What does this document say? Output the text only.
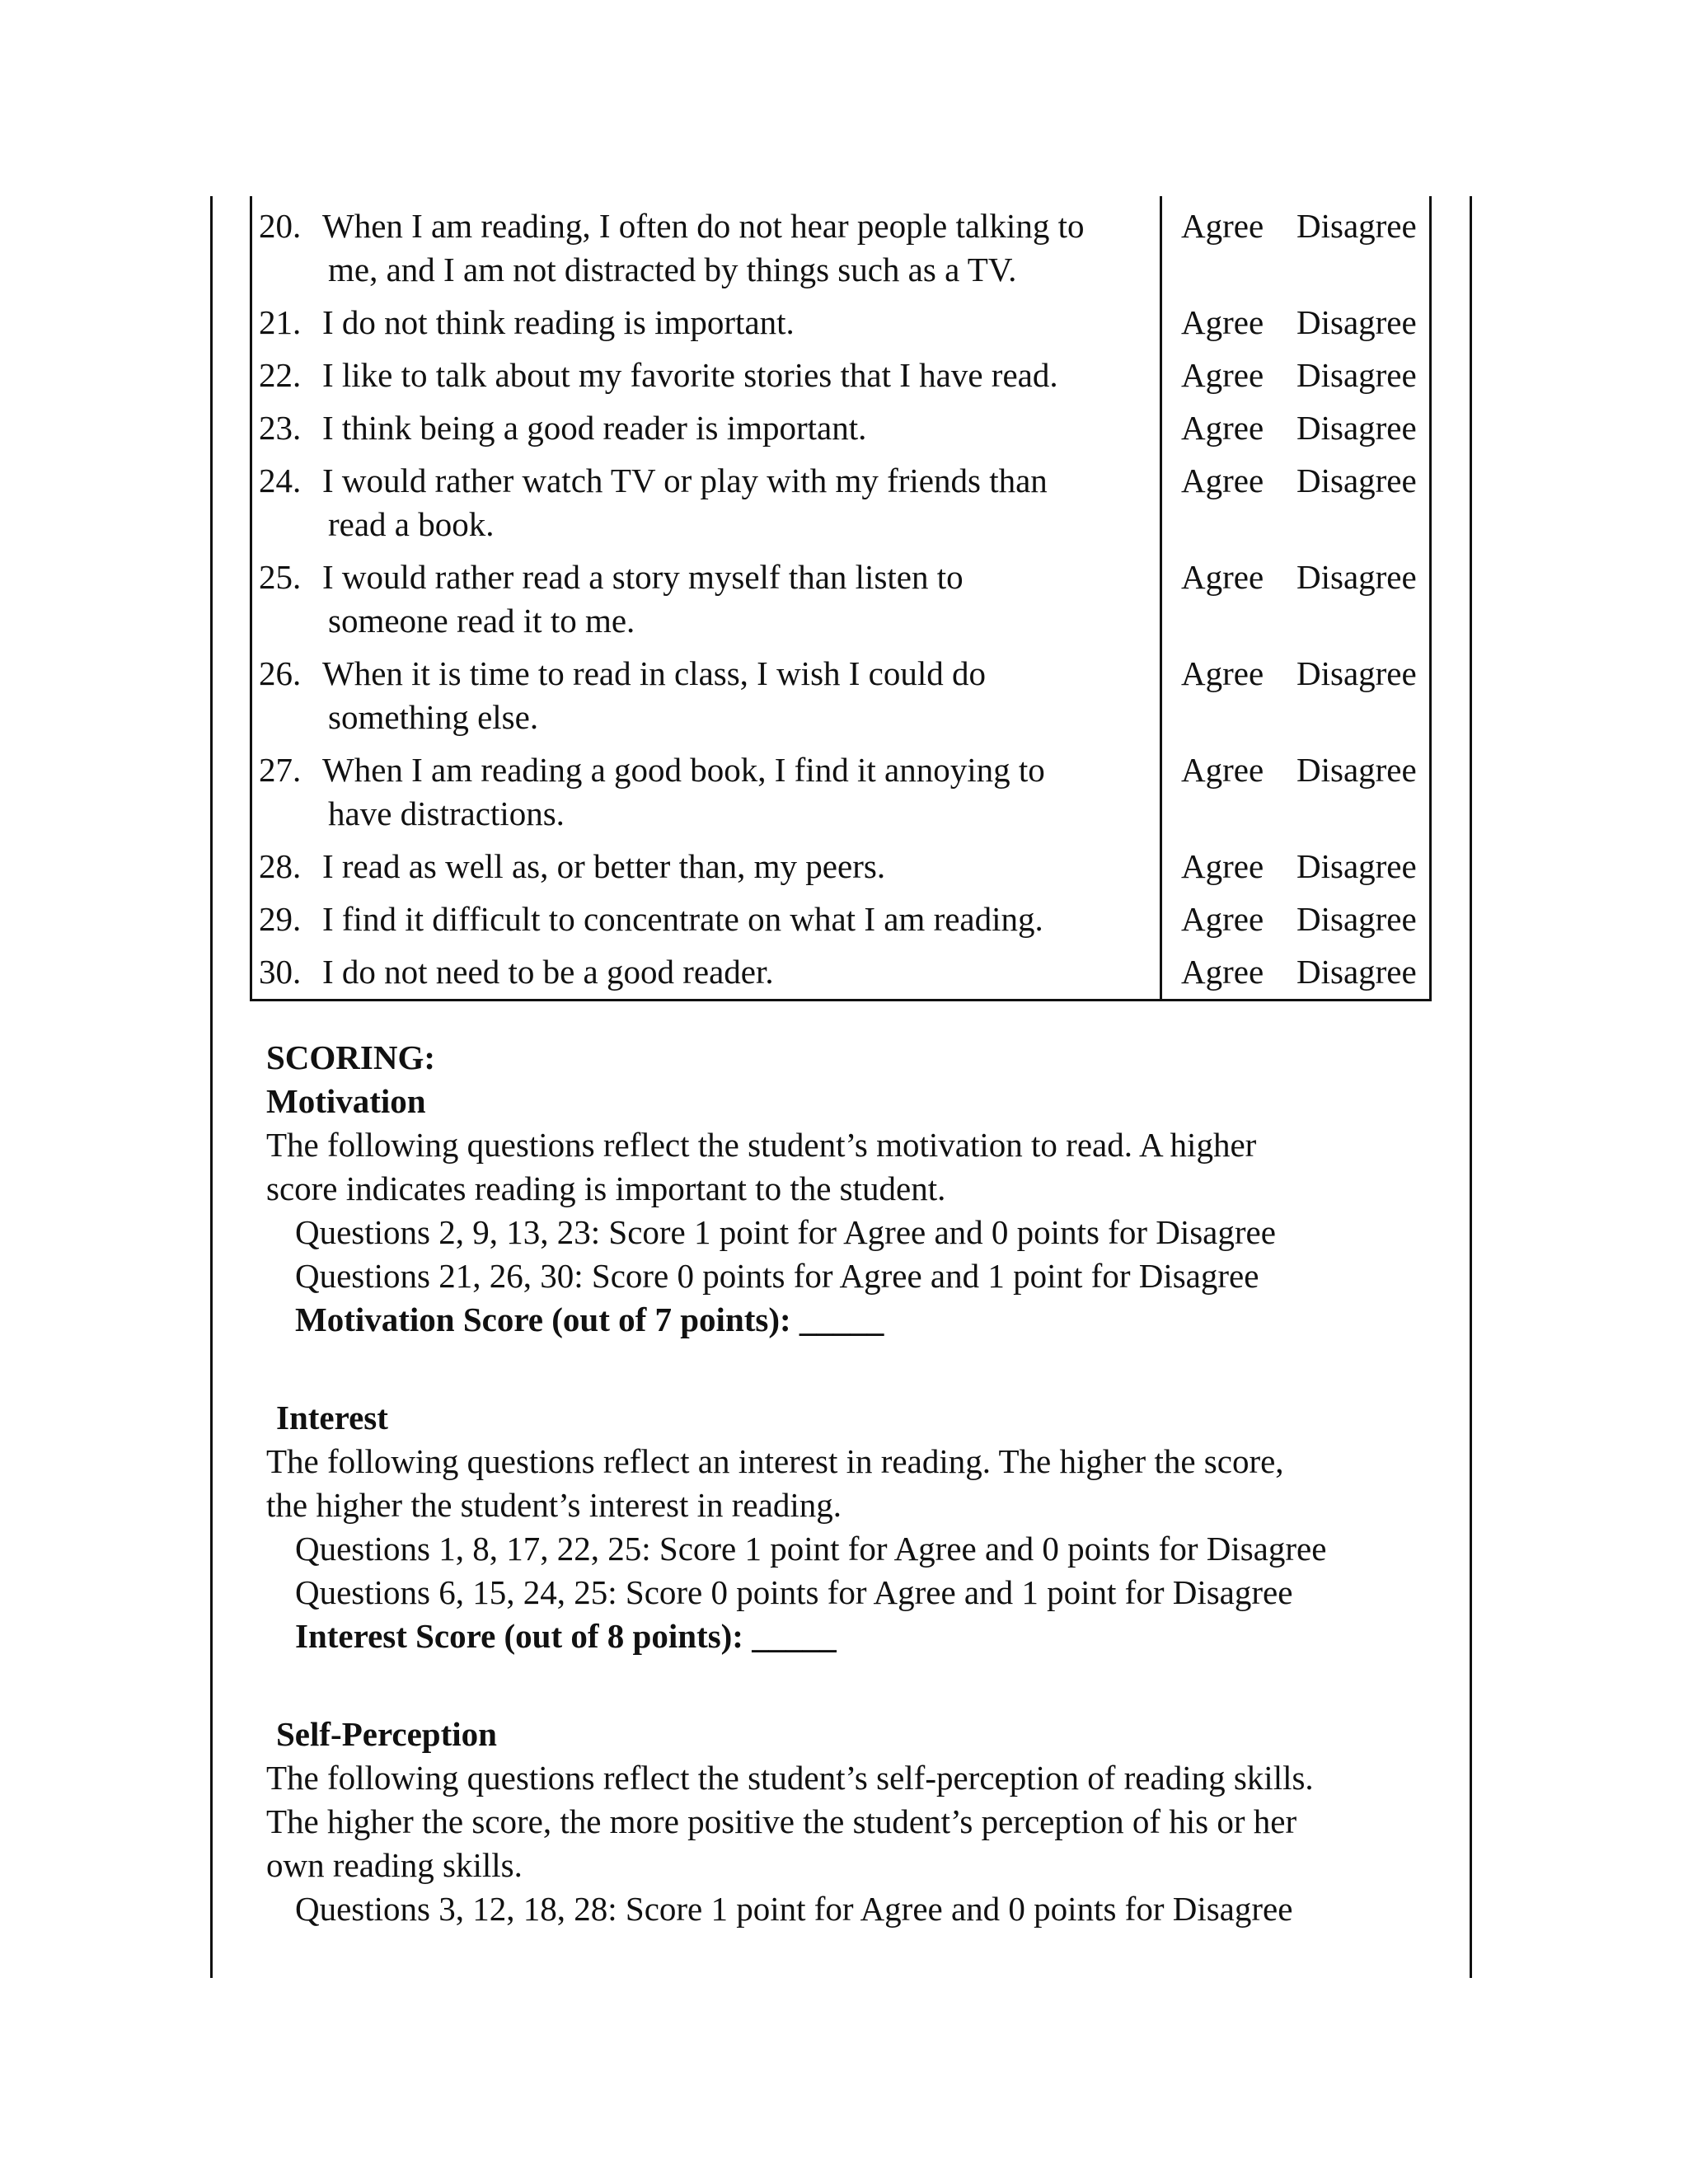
20. When I am reading, I often do not hear people talking to
me, and I am not distracted by things such as a TV.
Agree Disagree
21. I do not think reading is important.	Agree Disagree
22. I like to talk about my favorite stories that I have read.	Agree Disagree
23. I think being a good reader is important.	Agree Disagree
24. I would rather watch TV or play with my friends than
read a book.
Agree Disagree
25. I would rather read a story myself than listen to
someone read it to me.
Agree Disagree
26. When it is time to read in class, I wish I could do
something else.
Agree Disagree
27. When I am reading a good book, I find it annoying to
have distractions.
Agree Disagree
28. I read as well as, or better than, my peers.	Agree Disagree
29. I find it difficult to concentrate on what I am reading.	Agree Disagree
30. I do not need to be a good reader.	Agree Disagree
SCORING:
Motivation
The following questions reflect the student’s motivation to read. A higher
score indicates reading is important to the student.
Questions 2, 9, 13, 23: Score 1 point for Agree and 0 points for Disagree
Questions 21, 26, 30: Score 0 points for Agree and 1 point for Disagree
Motivation Score (out of 7 points): _____
Interest
The following questions reflect an interest in reading. The higher the score,
the higher the student’s interest in reading.
Questions 1, 8, 17, 22, 25: Score 1 point for Agree and 0 points for Disagree
Questions 6, 15, 24, 25: Score 0 points for Agree and 1 point for Disagree
Interest Score (out of 8 points): _____
Self-Perception
The following questions reflect the student’s self-perception of reading skills.
The higher the score, the more positive the student’s perception of his or her
own reading skills.
Questions 3, 12, 18, 28: Score 1 point for Agree and 0 points for Disagree
